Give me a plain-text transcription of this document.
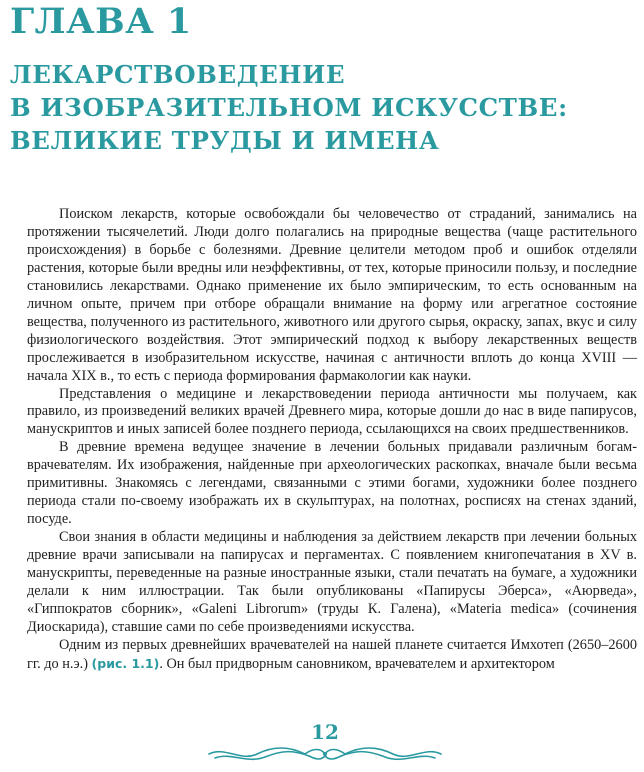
ГЛАВА 1
ЛЕКАРСТВОВЕДЕНИЕ
В ИЗОБРАЗИТЕЛЬНОМ ИСКУССТВЕ:
ВЕЛИКИЕ ТРУДЫ И ИМЕНА

Поиском лекарств, которые освобождали бы человечество от страданий, занимались на протяжении тысячелетий. Люди долго полагались на природные вещества (чаще растительного происхождения) в борьбе с болезнями. Древние целители методом проб и ошибок отделяли растения, которые были вредны или неэффективны, от тех, которые приносили пользу, и последние становились лекарствами. Однако применение их было эмпирическим, то есть основанным на личном опыте, причем при отборе обращали внимание на форму или агрегатное состояние вещества, полученного из растительного, животного или другого сырья, окраску, запах, вкус и силу физиологического воздействия. Этот эмпирический подход к выбору лекарственных веществ прослеживается в изобразительном искусстве, начиная с античности вплоть до конца XVIII — начала XIX в., то есть с периода формирования фармакологии как науки.

Представления о медицине и лекарствоведении периода античности мы получаем, как правило, из произведений великих врачей Древнего мира, которые дошли до нас в виде папирусов, манускриптов и иных записей более позднего периода, ссылающихся на своих предшественников.

В древние времена ведущее значение в лечении больных придавали различным богам-врачевателям. Их изображения, найденные при археологических раскопках, вначале были весьма примитивны. Знакомясь с легендами, связанными с этими богами, художники более позднего периода стали по-своему изображать их в скульптурах, на полотнах, росписях на стенах зданий, посуде.

Свои знания в области медицины и наблюдения за действием лекарств при лечении больных древние врачи записывали на папирусах и пергаментах. С появлением книгопечатания в XV в. манускрипты, переведенные на разные иностранные языки, стали печатать на бумаге, а художники делали к ним иллюстрации. Так были опубликованы «Папирусы Эберса», «Аюрведа», «Гиппократов сборник», «Galeni Librorum» (труды К. Галена), «Materia medica» (сочинения Диоскарида), ставшие сами по себе произведениями искусства.

Одним из первых древнейших врачевателей на нашей планете считается Имхотеп (2650–2600 гг. до н.э.) (рис. 1.1). Он был придворным сановником, врачевателем и архитектором

12
